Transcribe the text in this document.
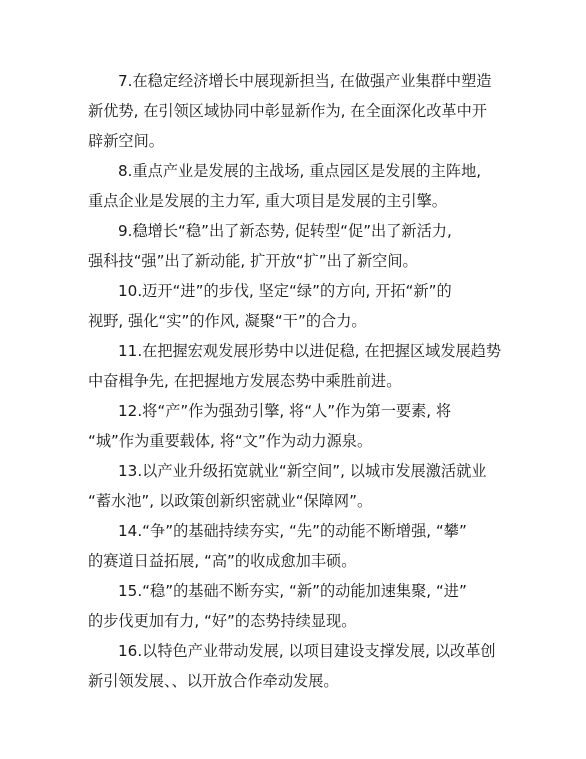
7.在稳定经济增长中展现新担当, 在做强产业集群中塑造
新优势, 在引领区域协同中彰显新作为, 在全面深化改革中开
辟新空间。
8.重点产业是发展的主战场, 重点园区是发展的主阵地,
重点企业是发展的主力军, 重大项目是发展的主引擎。
9.稳增长“稳”出了新态势, 促转型“促”出了新活力,
强科技“强”出了新动能, 扩开放“扩”出了新空间。
10.迈开“进”的步伐, 坚定“绿”的方向, 开拓“新”的
视野, 强化“实”的作风, 凝聚“干”的合力。
11.在把握宏观发展形势中以进促稳, 在把握区域发展趋势
中奋楫争先, 在把握地方发展态势中乘胜前进。
12.将“产”作为强劲引擎, 将“人”作为第一要素, 将
“城”作为重要载体, 将“文”作为动力源泉。
13.以产业升级拓宽就业“新空间”, 以城市发展激活就业
“蓄水池”, 以政策创新织密就业“保障网”。
14.“争”的基础持续夯实, “先”的动能不断增强, “攀”
的赛道日益拓展, “高”的收成愈加丰硕。
15.“稳”的基础不断夯实, “新”的动能加速集聚, “进”
的步伐更加有力, “好”的态势持续显现。
16.以特色产业带动发展, 以项目建设支撑发展, 以改革创
新引领发展、、以开放合作牵动发展。
